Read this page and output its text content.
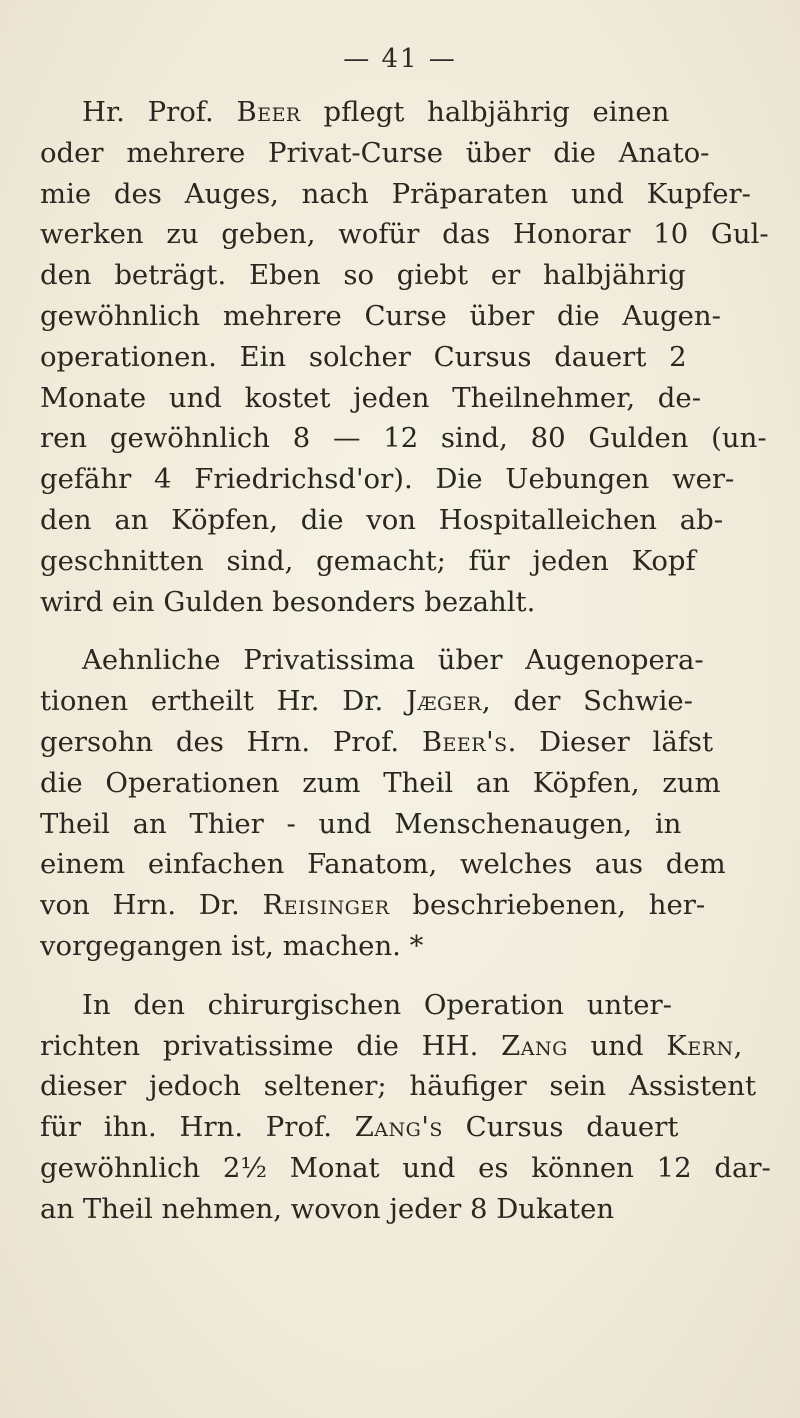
— 41 —
Hr. Prof. Beer pflegt halbjährig einen
oder mehrere Privat-Curse über die Anato-
mie des Auges, nach Präparaten und Kupfer-
werken zu geben, wofür das Honorar 10 Gul-
den beträgt. Eben so giebt er halbjährig
gewöhnlich mehrere Curse über die Augen-
operationen. Ein solcher Cursus dauert 2
Monate und kostet jeden Theilnehmer, de-
ren gewöhnlich 8 — 12 sind, 80 Gulden (un-
gefähr 4 Friedrichsd'or). Die Uebungen wer-
den an Köpfen, die von Hospitalleichen ab-
geschnitten sind, gemacht; für jeden Kopf
wird ein Gulden besonders bezahlt.
Aehnliche Privatissima über Augenopera-
tionen ertheilt Hr. Dr. Jæger, der Schwie-
gersohn des Hrn. Prof. Beer's. Dieser läfst
die Operationen zum Theil an Köpfen, zum
Theil an Thier - und Menschenaugen, in
einem einfachen Fanatom, welches aus dem
von Hrn. Dr. Reisinger beschriebenen, her-
vorgegangen ist, machen. *
In den chirurgischen Operation unter-
richten privatissime die HH. Zang und Kern,
dieser jedoch seltener; häufiger sein Assistent
für ihn. Hrn. Prof. Zang's Cursus dauert
gewöhnlich 2½ Monat und es können 12 dar-
an Theil nehmen, wovon jeder 8 Dukaten
